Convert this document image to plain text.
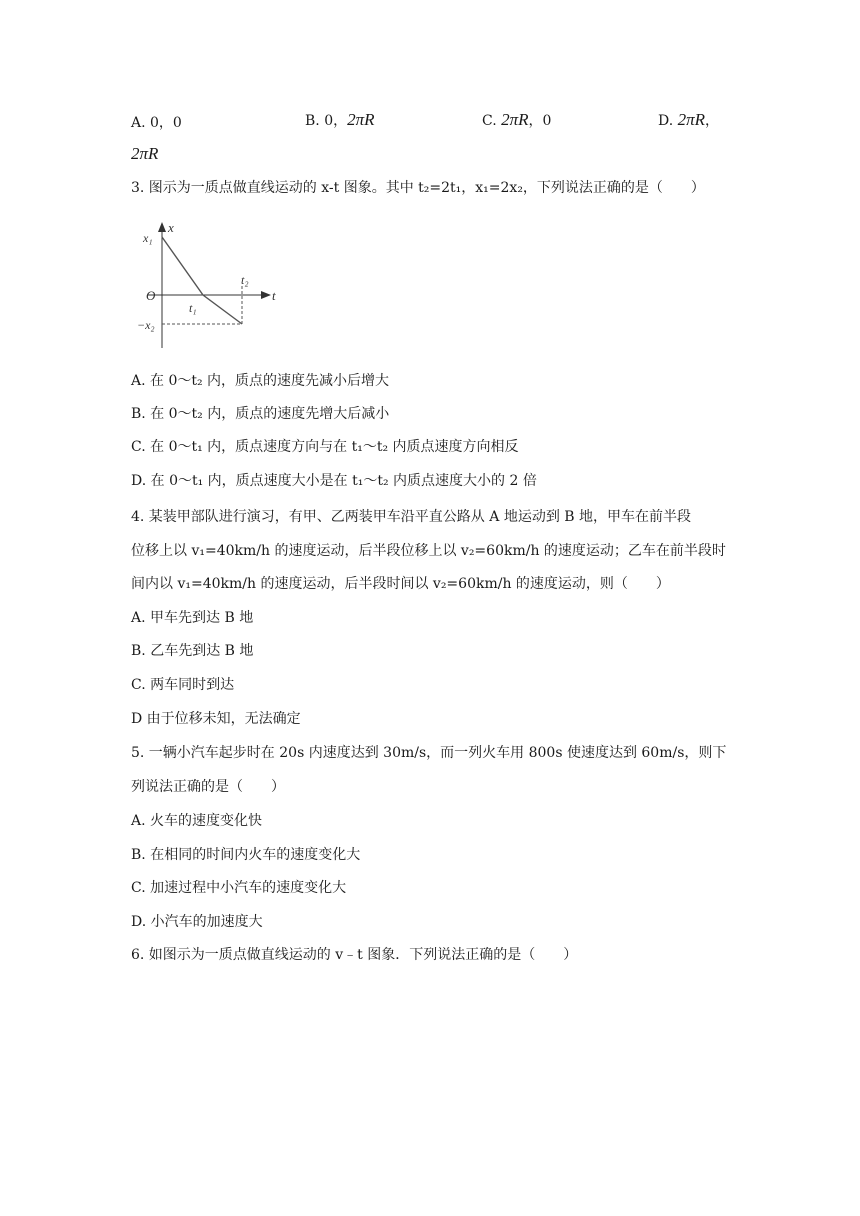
A. 0，0	B. 0，2πR	C. 2πR，0	D. 2πR，
2πR
3. 图示为一质点做直线运动的 x-t 图象。其中 t₂=2t₁，x₁=2x₂，下列说法正确的是（　　）
x
t
x₁
O
−x₂
t₁
t₂
A. 在 0～t₂ 内，质点的速度先减小后增大
B. 在 0～t₂ 内，质点的速度先增大后减小
C. 在 0～t₁ 内，质点速度方向与在 t₁～t₂ 内质点速度方向相反
D. 在 0～t₁ 内，质点速度大小是在 t₁～t₂ 内质点速度大小的 2 倍
4. 某装甲部队进行演习，有甲、乙两装甲车沿平直公路从 A 地运动到 B 地，甲车在前半段
位移上以 v₁=40km/h 的速度运动，后半段位移上以 v₂=60km/h 的速度运动；乙车在前半段时
间内以 v₁=40km/h 的速度运动，后半段时间以 v₂=60km/h 的速度运动，则（　　）
A. 甲车先到达 B 地
B. 乙车先到达 B 地
C. 两车同时到达
D 由于位移未知，无法确定
5. 一辆小汽车起步时在 20s 内速度达到 30m/s，而一列火车用 800s 使速度达到 60m/s，则下
列说法正确的是（　　）
A. 火车的速度变化快
B. 在相同的时间内火车的速度变化大
C. 加速过程中小汽车的速度变化大
D. 小汽车的加速度大
6. 如图示为一质点做直线运动的 v﹣t 图象．下列说法正确的是（　　）
